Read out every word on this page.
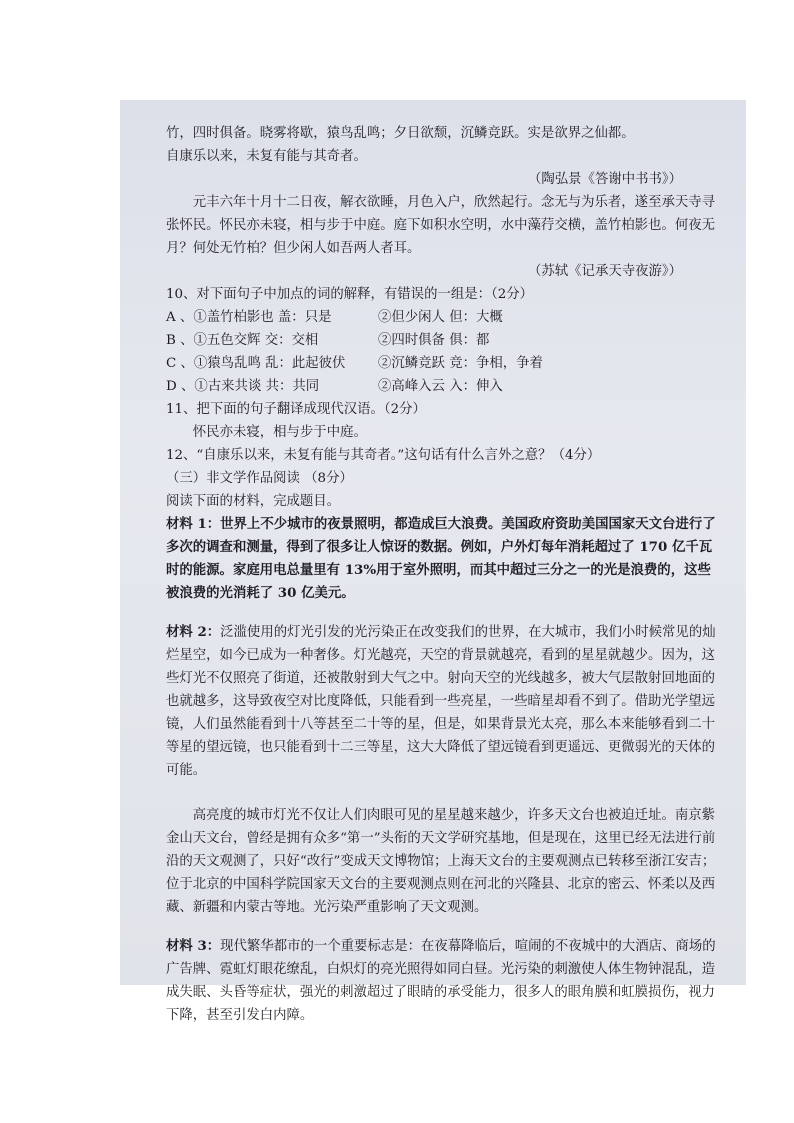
竹，四时俱备。晓雾将歇，猿鸟乱鸣；夕日欲颓，沉鳞竞跃。实是欲界之仙都。

自康乐以来，未复有能与其奇者。

（陶弘景《答谢中书书》）

元丰六年十月十二日夜，解衣欲睡，月色入户，欣然起行。念无与为乐者，遂至承天寺寻张怀民。怀民亦未寝，相与步于中庭。庭下如积水空明，水中藻荇交横，盖竹柏影也。何夜无月？何处无竹柏？但少闲人如吾两人者耳。

（苏轼《记承天寺夜游》）

10、对下面句子中加点的词的解释，有错误的一组是：（2分）

A 、①盖竹柏影也 盖：只是	②但少闲人 但：大概
B 、①五色交辉 交：交相	②四时俱备 俱：都
C 、①猿鸟乱鸣 乱：此起彼伏	②沉鳞竞跃 竞：争相，争着
D 、①古来共谈 共：共同	②高峰入云 入：伸入

11、把下面的句子翻译成现代汉语。（2分）

怀民亦未寝，相与步于中庭。

12、“自康乐以来，未复有能与其奇者。”这句话有什么言外之意？（4分）

（三）非文学作品阅读 （8分）

阅读下面的材料，完成题目。

材料 1：世界上不少城市的夜景照明，都造成巨大浪费。美国政府资助美国国家天文台进行了多次的调查和测量，得到了很多让人惊讶的数据。例如，户外灯每年消耗超过了 170 亿千瓦时的能源。家庭用电总量里有 13%用于室外照明，而其中超过三分之一的光是浪费的，这些被浪费的光消耗了 30 亿美元。

材料 2：泛滥使用的灯光引发的光污染正在改变我们的世界，在大城市，我们小时候常见的灿烂星空，如今已成为一种奢侈。灯光越亮，天空的背景就越亮，看到的星星就越少。因为，这些灯光不仅照亮了街道，还被散射到大气之中。射向天空的光线越多，被大气层散射回地面的也就越多，这导致夜空对比度降低，只能看到一些亮星，一些暗星却看不到了。借助光学望远镜，人们虽然能看到十八等甚至二十等的星，但是，如果背景光太亮，那么本来能够看到二十等星的望远镜，也只能看到十二三等星，这大大降低了望远镜看到更遥远、更微弱光的天体的可能。

高亮度的城市灯光不仅让人们肉眼可见的星星越来越少，许多天文台也被迫迁址。南京紫金山天文台，曾经是拥有众多“第一”头衔的天文学研究基地，但是现在，这里已经无法进行前沿的天文观测了，只好“改行”变成天文博物馆；上海天文台的主要观测点已转移至浙江安吉；位于北京的中国科学院国家天文台的主要观测点则在河北的兴隆县、北京的密云、怀柔以及西藏、新疆和内蒙古等地。光污染严重影响了天文观测。

材料 3：现代繁华都市的一个重要标志是：在夜幕降临后，喧闹的不夜城中的大酒店、商场的广告牌、霓虹灯眼花缭乱，白炽灯的亮光照得如同白昼。光污染的刺激使人体生物钟混乱，造成失眠、头昏等症状，强光的刺激超过了眼睛的承受能力，很多人的眼角膜和虹膜损伤，视力下降，甚至引发白内障。
